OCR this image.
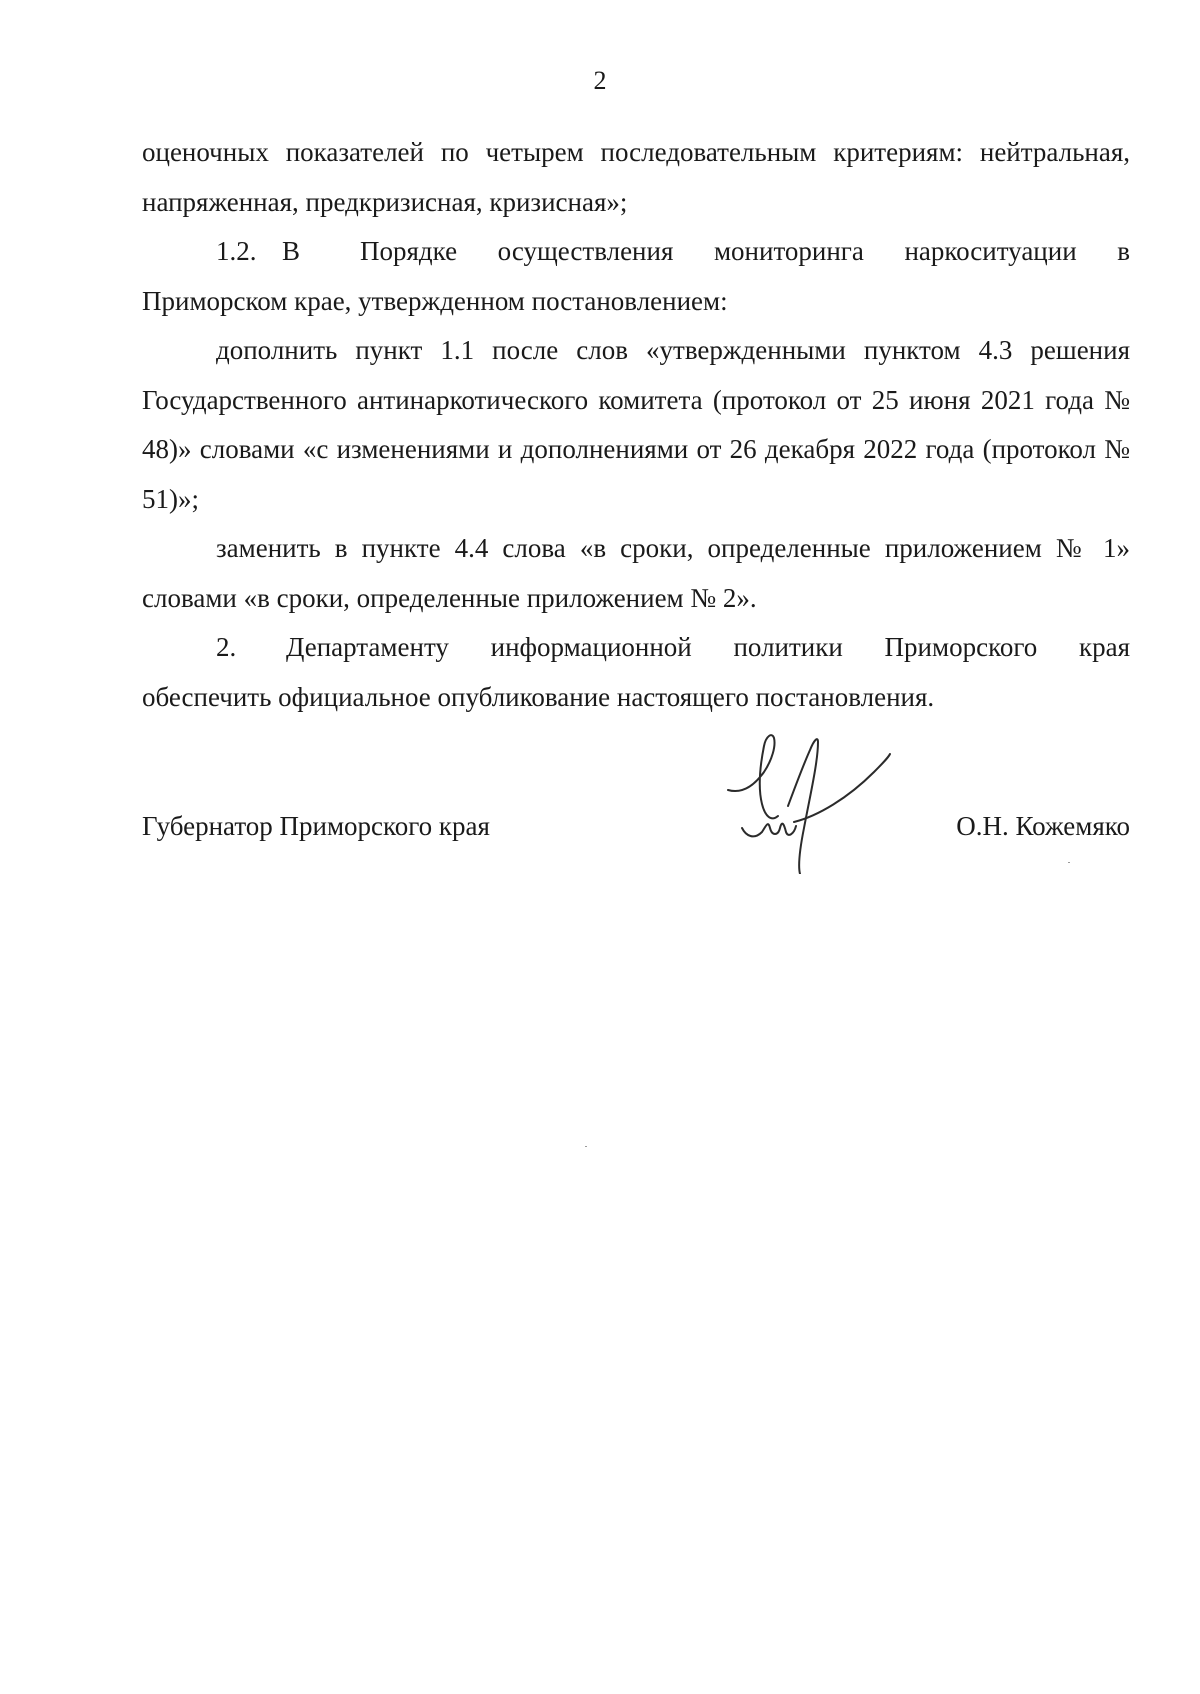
2

оценочных показателей по четырем последовательным критериям: нейтральная,

напряженная, предкризисная, кризисная»;

1.2. В	Порядке осуществления мониторинга наркоситуации в

Приморском крае, утвержденном постановлением:

дополнить пункт 1.1 после слов «утвержденными пунктом 4.3 решения Государственного антинаркотического комитета (протокол от 25 июня 2021 года № 48)» словами «с изменениями и дополнениями от 26 декабря 2022 года (протокол № 51)»;

заменить в пункте 4.4 слова «в сроки, определенные приложением № 1» словами «в сроки, определенные приложением № 2».

2.	Департаменту информационной политики Приморского края

обеспечить официальное опубликование настоящего постановления.

Губернатор Приморского края	О.Н. Кожемяко
